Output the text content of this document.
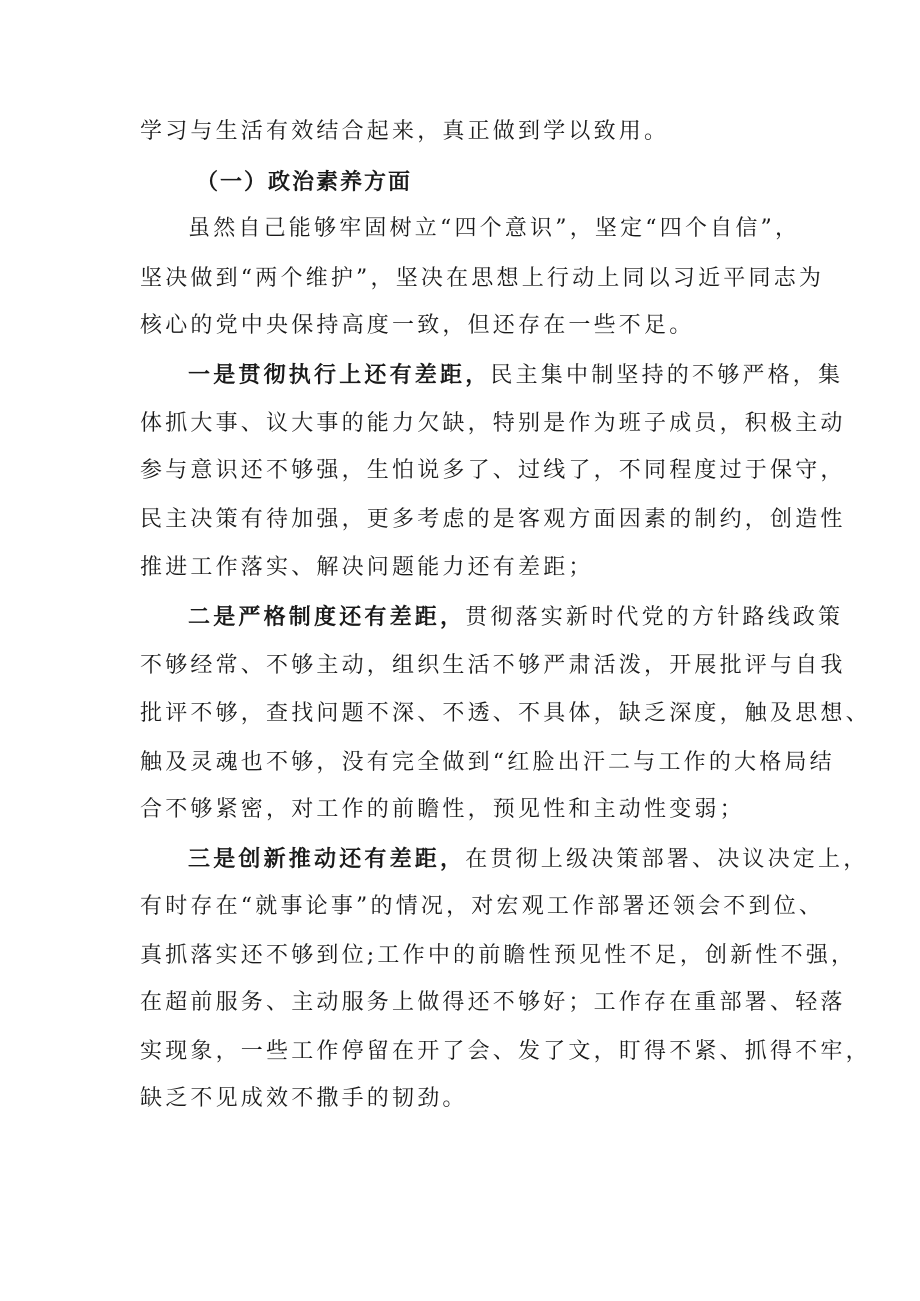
学习与生活有效结合起来，真正做到学以致用。
（一）政治素养方面
虽然自己能够牢固树立“四个意识”，坚定“四个自信”，
坚决做到“两个维护”，坚决在思想上行动上同以习近平同志为
核心的党中央保持高度一致，但还存在一些不足。
一是贯彻执行上还有差距，民主集中制坚持的不够严格，集
体抓大事、议大事的能力欠缺，特别是作为班子成员，积极主动
参与意识还不够强，生怕说多了、过线了，不同程度过于保守，
民主决策有待加强，更多考虑的是客观方面因素的制约，创造性
推进工作落实、解决问题能力还有差距；
二是严格制度还有差距，贯彻落实新时代党的方针路线政策
不够经常、不够主动，组织生活不够严肃活泼，开展批评与自我
批评不够，查找问题不深、不透、不具体，缺乏深度，触及思想、
触及灵魂也不够，没有完全做到“红脸出汗二与工作的大格局结
合不够紧密，对工作的前瞻性，预见性和主动性变弱；
三是创新推动还有差距，在贯彻上级决策部署、决议决定上，
有时存在“就事论事”的情况，对宏观工作部署还领会不到位、
真抓落实还不够到位;工作中的前瞻性预见性不足，创新性不强，
在超前服务、主动服务上做得还不够好；工作存在重部署、轻落
实现象，一些工作停留在开了会、发了文，盯得不紧、抓得不牢，
缺乏不见成效不撒手的韧劲。
